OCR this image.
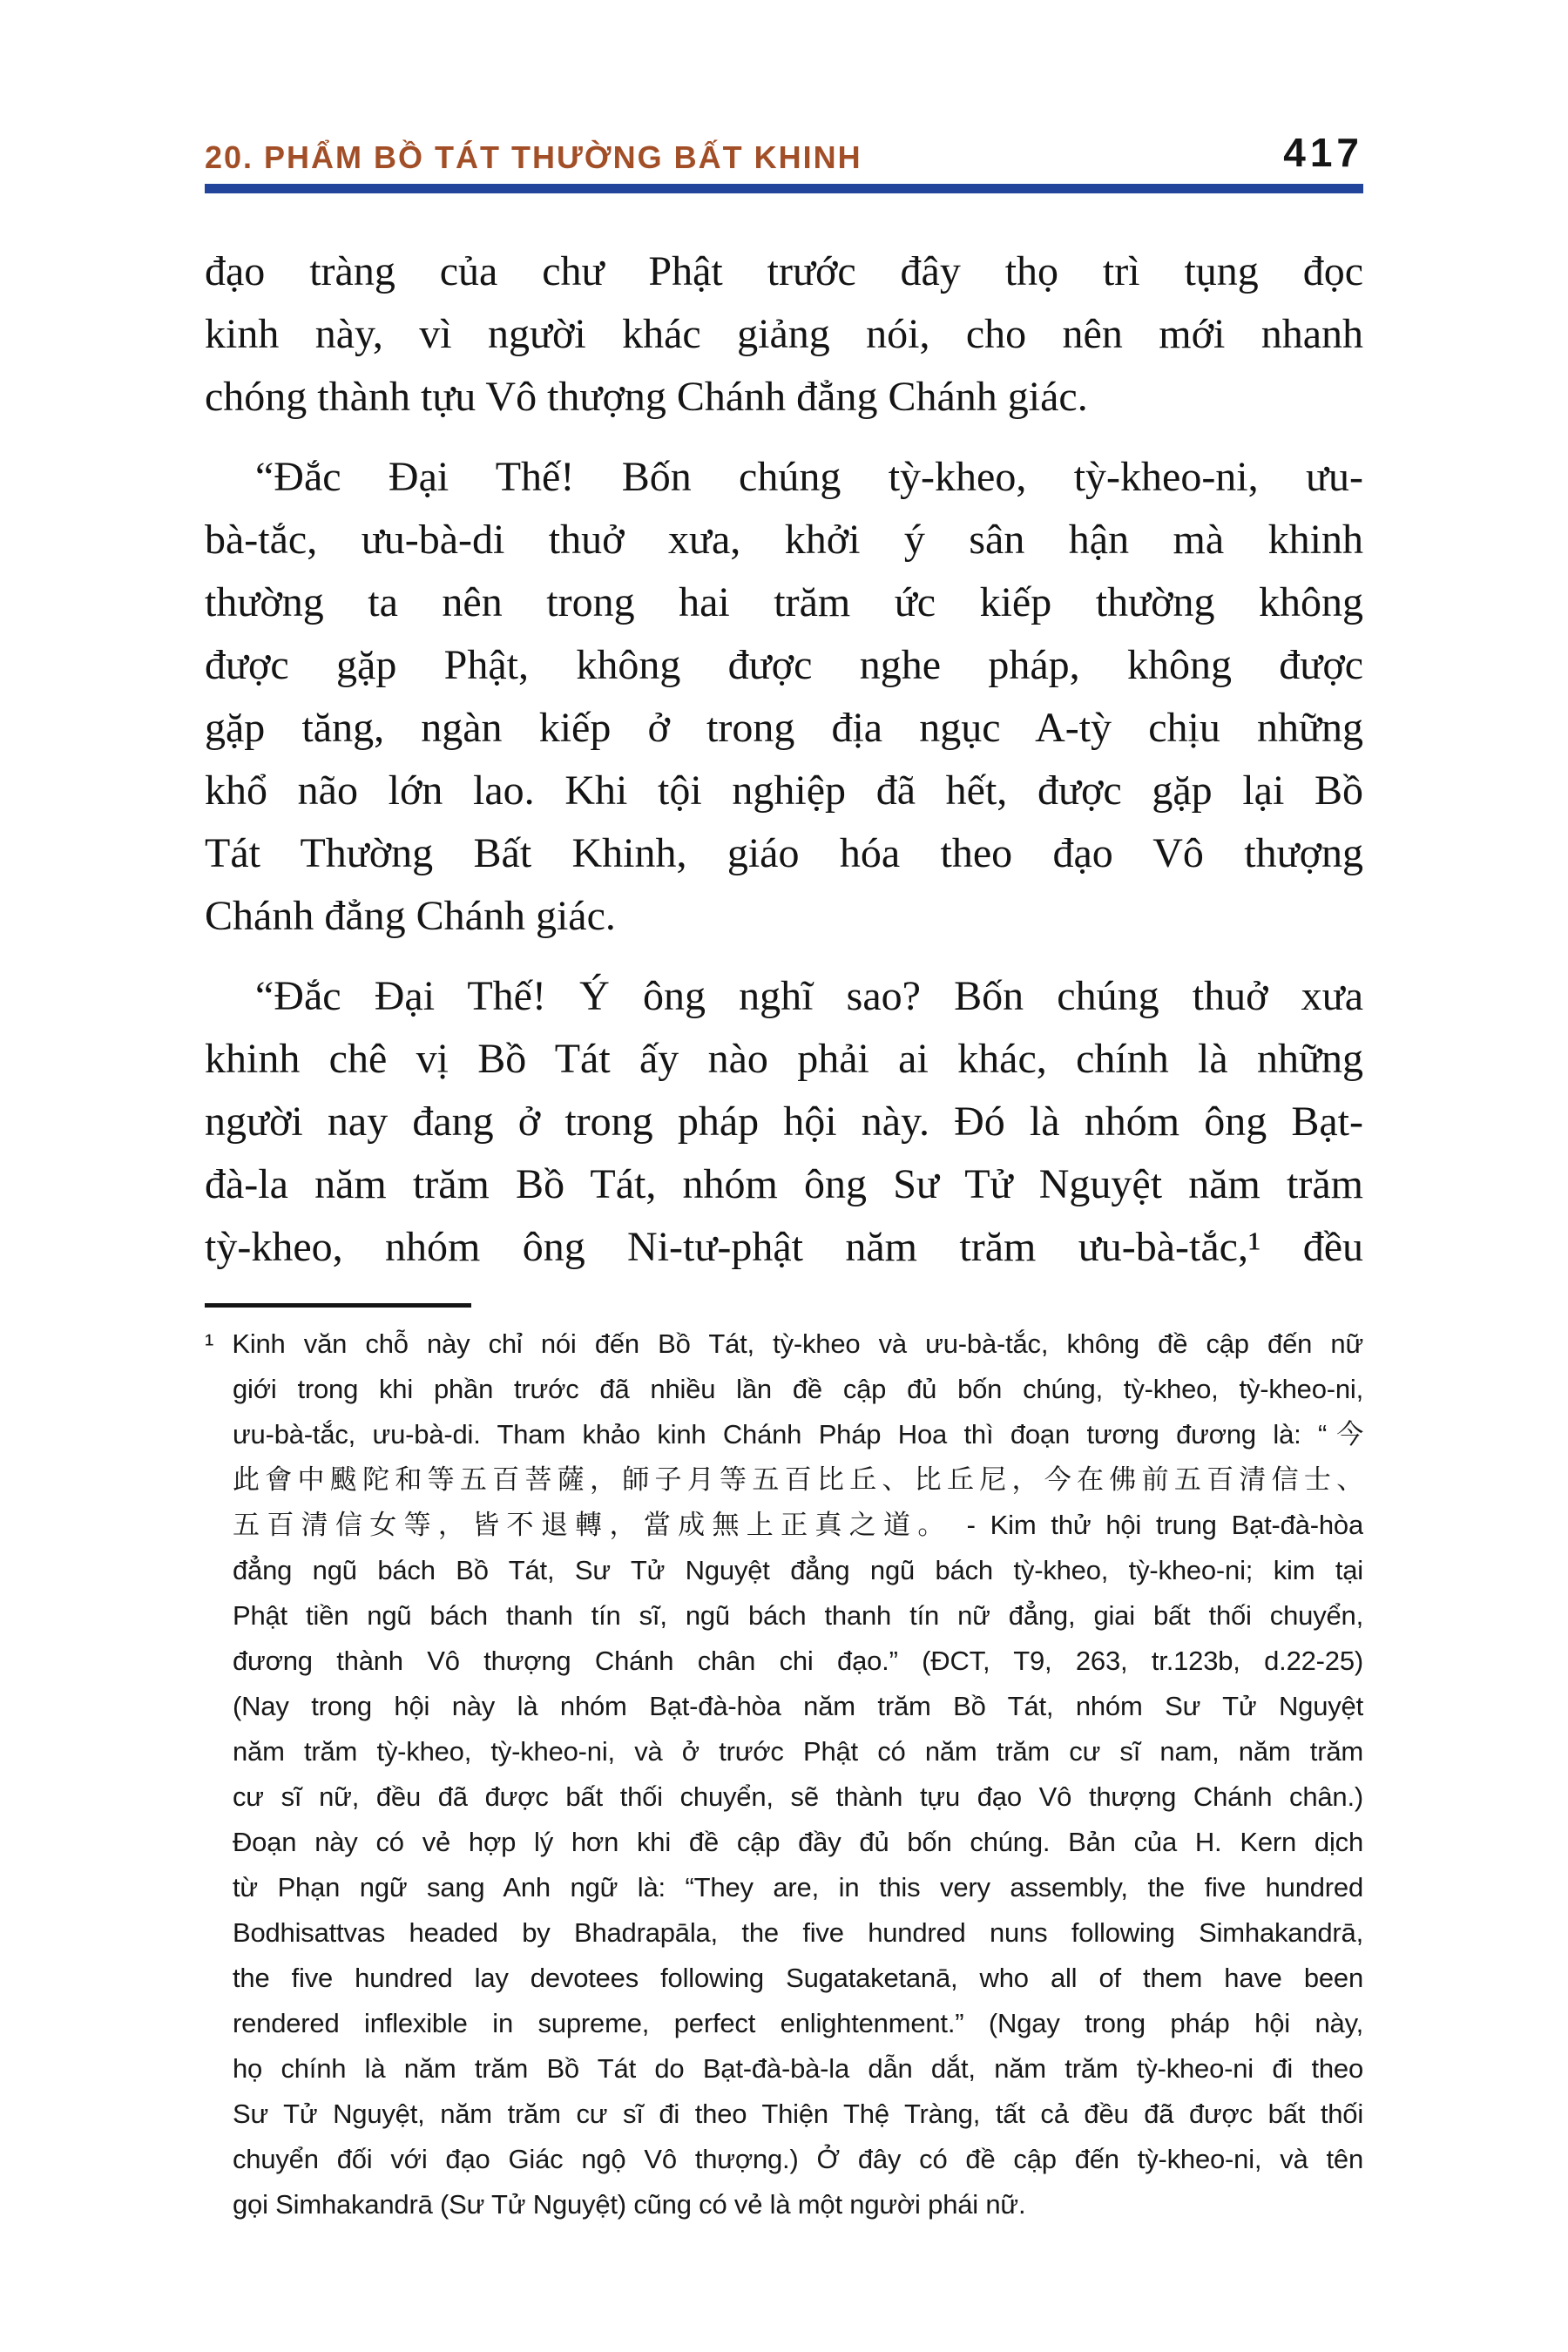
20. PHẨM BỒ TÁT THƯỜNG BẤT KHINH	417
đạo tràng của chư Phật trước đây thọ trì tụng đọc
kinh này, vì người khác giảng nói, cho nên mới nhanh
chóng thành tựu Vô thượng Chánh đẳng Chánh giác.
“Đắc Đại Thế! Bốn chúng tỳ-kheo, tỳ-kheo-ni, ưu-
bà-tắc, ưu-bà-di thuở xưa, khởi ý sân hận mà khinh
thường ta nên trong hai trăm ức kiếp thường không
được gặp Phật, không được nghe pháp, không được
gặp tăng, ngàn kiếp ở trong địa ngục A-tỳ chịu những
khổ não lớn lao. Khi tội nghiệp đã hết, được gặp lại Bồ
Tát Thường Bất Khinh, giáo hóa theo đạo Vô thượng
Chánh đẳng Chánh giác.
“Đắc Đại Thế! Ý ông nghĩ sao? Bốn chúng thuở xưa
khinh chê vị Bồ Tát ấy nào phải ai khác, chính là những
người nay đang ở trong pháp hội này. Đó là nhóm ông Bạt-
đà-la năm trăm Bồ Tát, nhóm ông Sư Tử Nguyệt năm trăm
tỳ-kheo, nhóm ông Ni-tư-phật năm trăm ưu-bà-tắc,¹ đều
¹ Kinh văn chỗ này chỉ nói đến Bồ Tát, tỳ-kheo và ưu-bà-tắc, không đề cập đến nữ
giới trong khi phần trước đã nhiều lần đề cập đủ bốn chúng, tỳ-kheo, tỳ-kheo-ni,
ưu-bà-tắc, ưu-bà-di. Tham khảo kinh Chánh Pháp Hoa thì đoạn tương đương là: “今
此會中颰陀和等五百菩薩，師子月等五百比丘、比丘尼，今在佛前五百清信士、
五百清信女等，皆不退轉，當成無上正真之道。 - Kim thử hội trung Bạt-đà-hòa
đẳng ngũ bách Bồ Tát, Sư Tử Nguyệt đẳng ngũ bách tỳ-kheo, tỳ-kheo-ni; kim tại
Phật tiền ngũ bách thanh tín sĩ, ngũ bách thanh tín nữ đẳng, giai bất thối chuyển,
đương thành Vô thượng Chánh chân chi đạo.” (ĐCT, T9, 263, tr.123b, d.22-25)
(Nay trong hội này là nhóm Bạt-đà-hòa năm trăm Bồ Tát, nhóm Sư Tử Nguyệt
năm trăm tỳ-kheo, tỳ-kheo-ni, và ở trước Phật có năm trăm cư sĩ nam, năm trăm
cư sĩ nữ, đều đã được bất thối chuyển, sẽ thành tựu đạo Vô thượng Chánh chân.)
Đoạn này có vẻ hợp lý hơn khi đề cập đầy đủ bốn chúng. Bản của H. Kern dịch
từ Phạn ngữ sang Anh ngữ là: “They are, in this very assembly, the five hundred
Bodhisattvas headed by Bhadrapāla, the five hundred nuns following Simhakandrā,
the five hundred lay devotees following Sugataketanā, who all of them have been
rendered inflexible in supreme, perfect enlightenment.” (Ngay trong pháp hội này,
họ chính là năm trăm Bồ Tát do Bạt-đà-bà-la dẫn dắt, năm trăm tỳ-kheo-ni đi theo
Sư Tử Nguyệt, năm trăm cư sĩ đi theo Thiện Thệ Tràng, tất cả đều đã được bất thối
chuyển đối với đạo Giác ngộ Vô thượng.) Ở đây có đề cập đến tỳ-kheo-ni, và tên
gọi Simhakandrā (Sư Tử Nguyệt) cũng có vẻ là một người phái nữ.
